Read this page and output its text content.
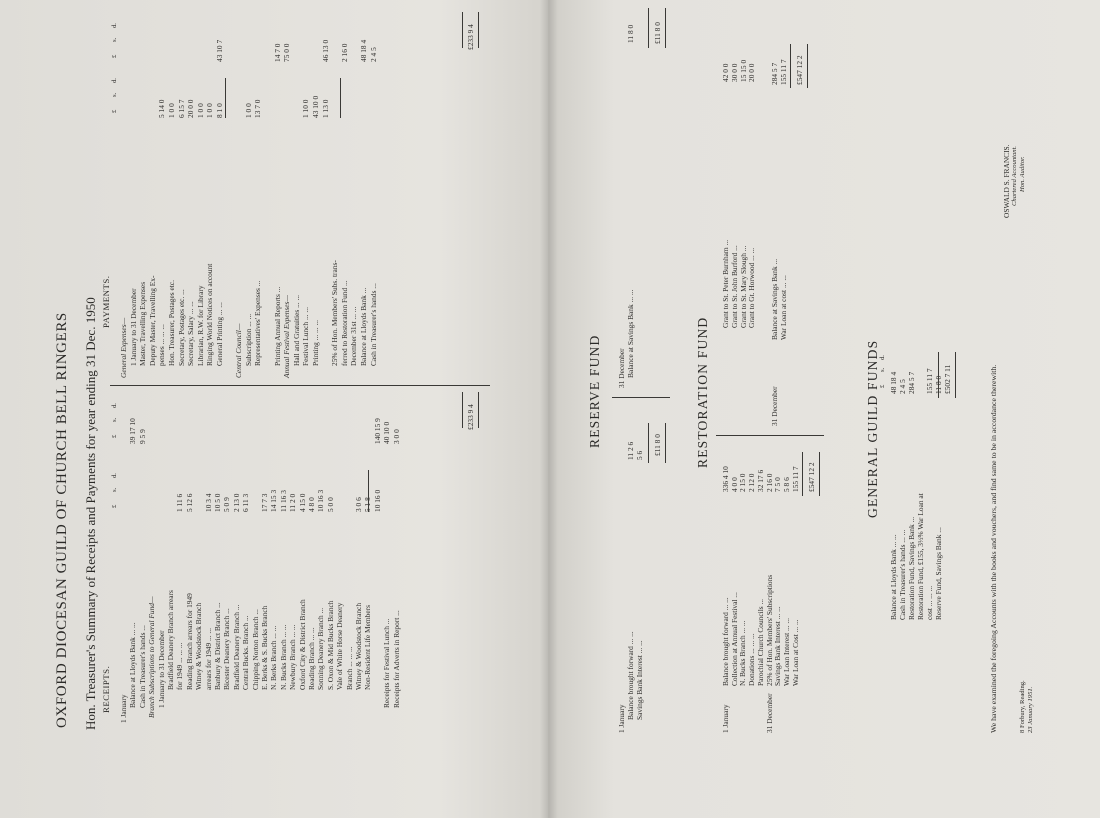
OXFORD DIOCESAN GUILD OF CHURCH BELL RINGERS Hon. Treasurer's Summary of Receipts and Payments for year ending 31 Dec. 1950 RECEIPTS.
PAYMENTS.
1 January
Balance at Lloyds Bank ... ...
39 17 10
Cash in Treasurer's hands ...
9 5 9
Branch Subscriptions to General Fund— 1 January to 31 December Bradfield Deanery Branch arrears for 1949 ... ... ...
1 11 6
Reading Branch arrears for 1949
5 12 6
Witney & Woodstock Branch arrears for 1949 ... ...
10 3 4
Banbury & District Branch ...
10 5 0
Bicester Deanery Branch ...
5 0 9
Bradfield Deanery Branch ...
2 13 0
Central Bucks. Branch ...
6 11 3
Chipping Norton Branch ... E. Berks & S. Bucks Branch
17 7 3
N. Berks Branch ... ...
14 15 3
N. Bucks Branch ... ...
11 16 3
Newbury Branch ... ...
11 2 0
Oxford City & District Branch
4 15 0
Reading Branch ... ...
4 8 0
Sonning Deanery Branch ...
10 16 3
S. Oxon & Mid Bucks Branch
5 0 0
Vale of White Horse Deanery Branch ... ... ... Witney & Woodstock Branch
3 0 6
Non-Resident Life Members
5 1 8 10 16 0
140 15 9
Receipts for Festival Lunch ...
40 10 0
Receipts for Adverts in Report ...
3 0 0
General Expenses— 1 January to 31 December Master, Travelling Expenses Deputy Master, Travelling Ex- penses ... ... ...
5 14 0
Hon. Treasurer, Postages etc.
1 0 0
Secretary, Postages etc. ...
6 15 7
Secretary, Salary ... ...
20 0 0
Librarian, R.W. for Library
1 0 0
Ringing World Notices on account
1 0 0
General Printing ... ...
8 1 0
43 10 7
Central Council— Subscription ... ...
1 0 0
Representatives' Expenses ...
13 7 0
Printing Annual Reports ...
14 7 0
Annual Festival Expenses—
75 0 0
Hall and Gratuities ... ... Festival Lunch ... ...
1 10 0
Printing ... ... ...
43 10 0 1 13 0
46 13 0
25% of Hon. Members' Subs. trans- ferred to Restoration Fund ...
2 16 0
December 31st ... ... Balance at Lloyds Bank ...
48 18 4
Cash in Treasurer's hands ...
2 4 5
£233 9 4
£233 9 4
RESERVE FUND
1 January Balance brought forward ... ...
11 2 6
Savings Bank Interest ... ...
5 6 £11 8 0
31 December Balance at Savings Bank ... ...
11 8 0 £11 8 0
RESTORATION FUND
1 January
Balance brought forward ... ...
336 4 10
Collection at Annual Festival ...
4 0 0
N. Bucks Branch ... ...
2 15 0
Donations ... ... ...
2 12 0
Parochial Church Councils ...
32 17 6
25% of Hon. Members' Subscriptions
2 16 0
Savings Bank Interest ... ...
7 5 0
War Loan Interest ... ...
5 8 6
War Loan at Cost ... ...
155 11 7
31 December
£547 12 2
Grant to St. Peter Burnham ...
42 0 0
Grant to St. John Burford ...
30 0 0
Grant to St. Mary Slough ...
15 15 0
Grant to Gt. Horwood ... ...
20 0 0
31 December
Balance at Savings Bank ...
284 5 7
War Loan at cost ... ...
155 11 7 £547 12 2
GENERAL GUILD FUNDS £
s.
d.
Balance at Lloyds Bank ... ...
48 18 4
Cash in Treasurer's hands ... ...
2 4 5
Restoration Fund, Savings Bank ...
284 5 7
Restoration Fund, £155, 3½% War Loan at cost ... ... ...
155 11 7
Reserve Fund, Savings Bank ...
11 8 0 £502 7 11	We have examined the foregoing Accounts with the books and vouchers, and find same to be in accordance therewith.
OSWALD S. FRANCIS. Chartered Accountant. Hon. Auditor.
8 Forbury, Reading. 23 January 1951.
£
s.
d.
£
s.
d.
£
s.
d.
£
s.
d.
